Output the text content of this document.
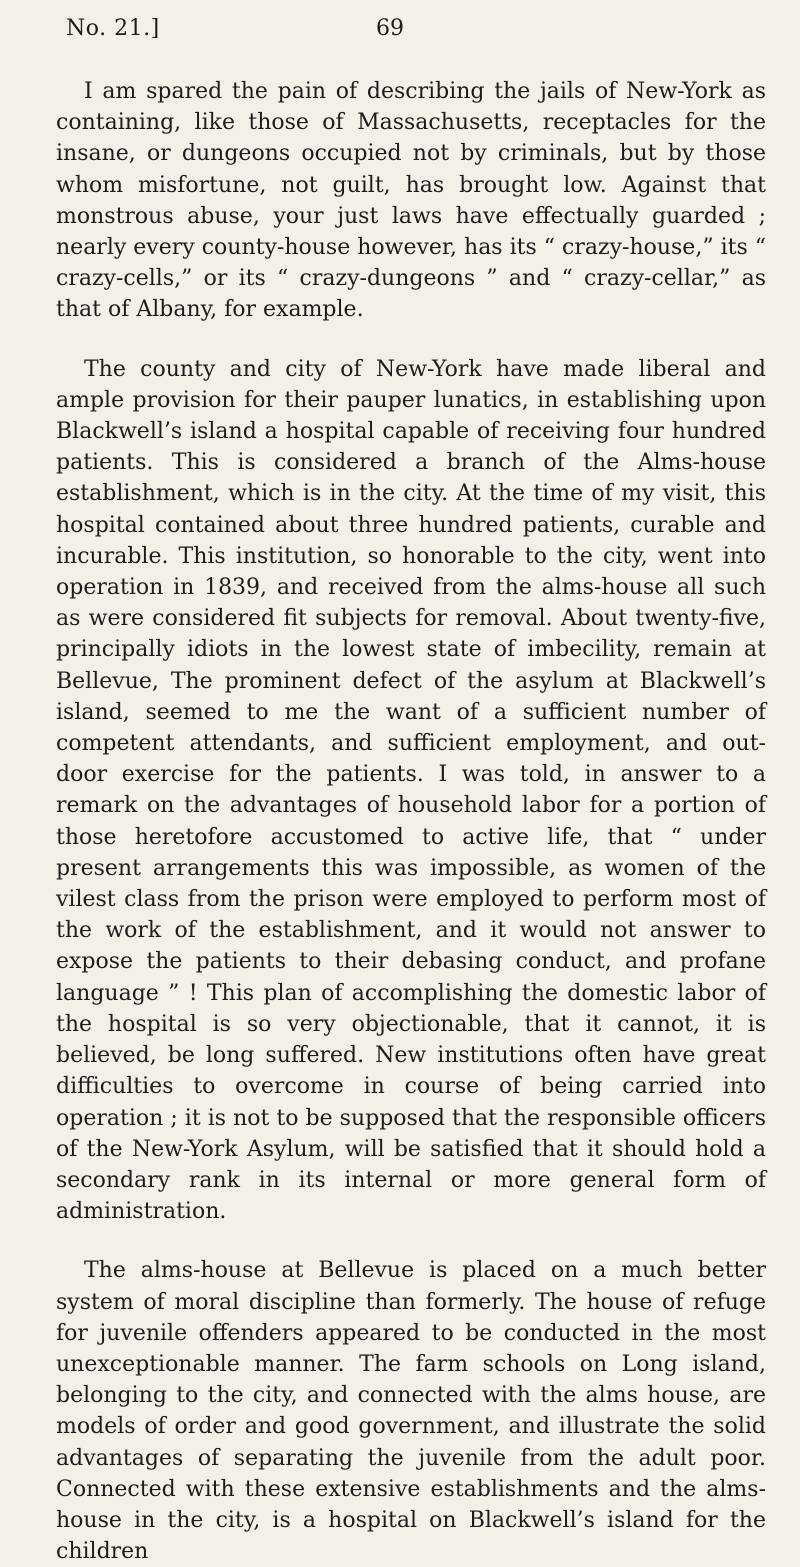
No. 21.]	69

I am spared the pain of describing the jails of New-York as containing, like those of Massachusetts, receptacles for the insane, or dungeons occupied not by criminals, but by those whom misfortune, not guilt, has brought low. Against that monstrous abuse, your just laws have effectually guarded ; nearly every county-house however, has its “ crazy-house,” its “ crazy-cells,” or its “ crazy-dungeons ” and “ crazy-cellar,” as that of Albany, for example.

The county and city of New-York have made liberal and ample provision for their pauper lunatics, in establishing upon Blackwell’s island a hospital capable of receiving four hundred patients. This is considered a branch of the Alms-house establishment, which is in the city. At the time of my visit, this hospital contained about three hundred patients, curable and incurable. This institution, so honorable to the city, went into operation in 1839, and received from the alms-house all such as were considered fit subjects for removal. About twenty-five, principally idiots in the lowest state of imbecility, remain at Bellevue, The prominent defect of the asylum at Blackwell’s island, seemed to me the want of a sufficient number of competent attendants, and sufficient employment, and out-door exercise for the patients. I was told, in answer to a remark on the advantages of household labor for a portion of those heretofore accustomed to active life, that “ under present arrangements this was impossible, as women of the vilest class from the prison were employed to perform most of the work of the establishment, and it would not answer to expose the patients to their debasing conduct, and profane language ” ! This plan of accomplishing the domestic labor of the hospital is so very objectionable, that it cannot, it is believed, be long suffered. New institutions often have great difficulties to overcome in course of being carried into operation ; it is not to be supposed that the responsible officers of the New-York Asylum, will be satisfied that it should hold a secondary rank in its internal or more general form of administration.

The alms-house at Bellevue is placed on a much better system of moral discipline than formerly. The house of refuge for juvenile offenders appeared to be conducted in the most unexceptionable manner. The farm schools on Long island, belonging to the city, and connected with the alms house, are models of order and good government, and illustrate the solid advantages of separating the juvenile from the adult poor. Connected with these extensive establishments and the almshouse in the city, is a hospital on Blackwell’s island for the children
